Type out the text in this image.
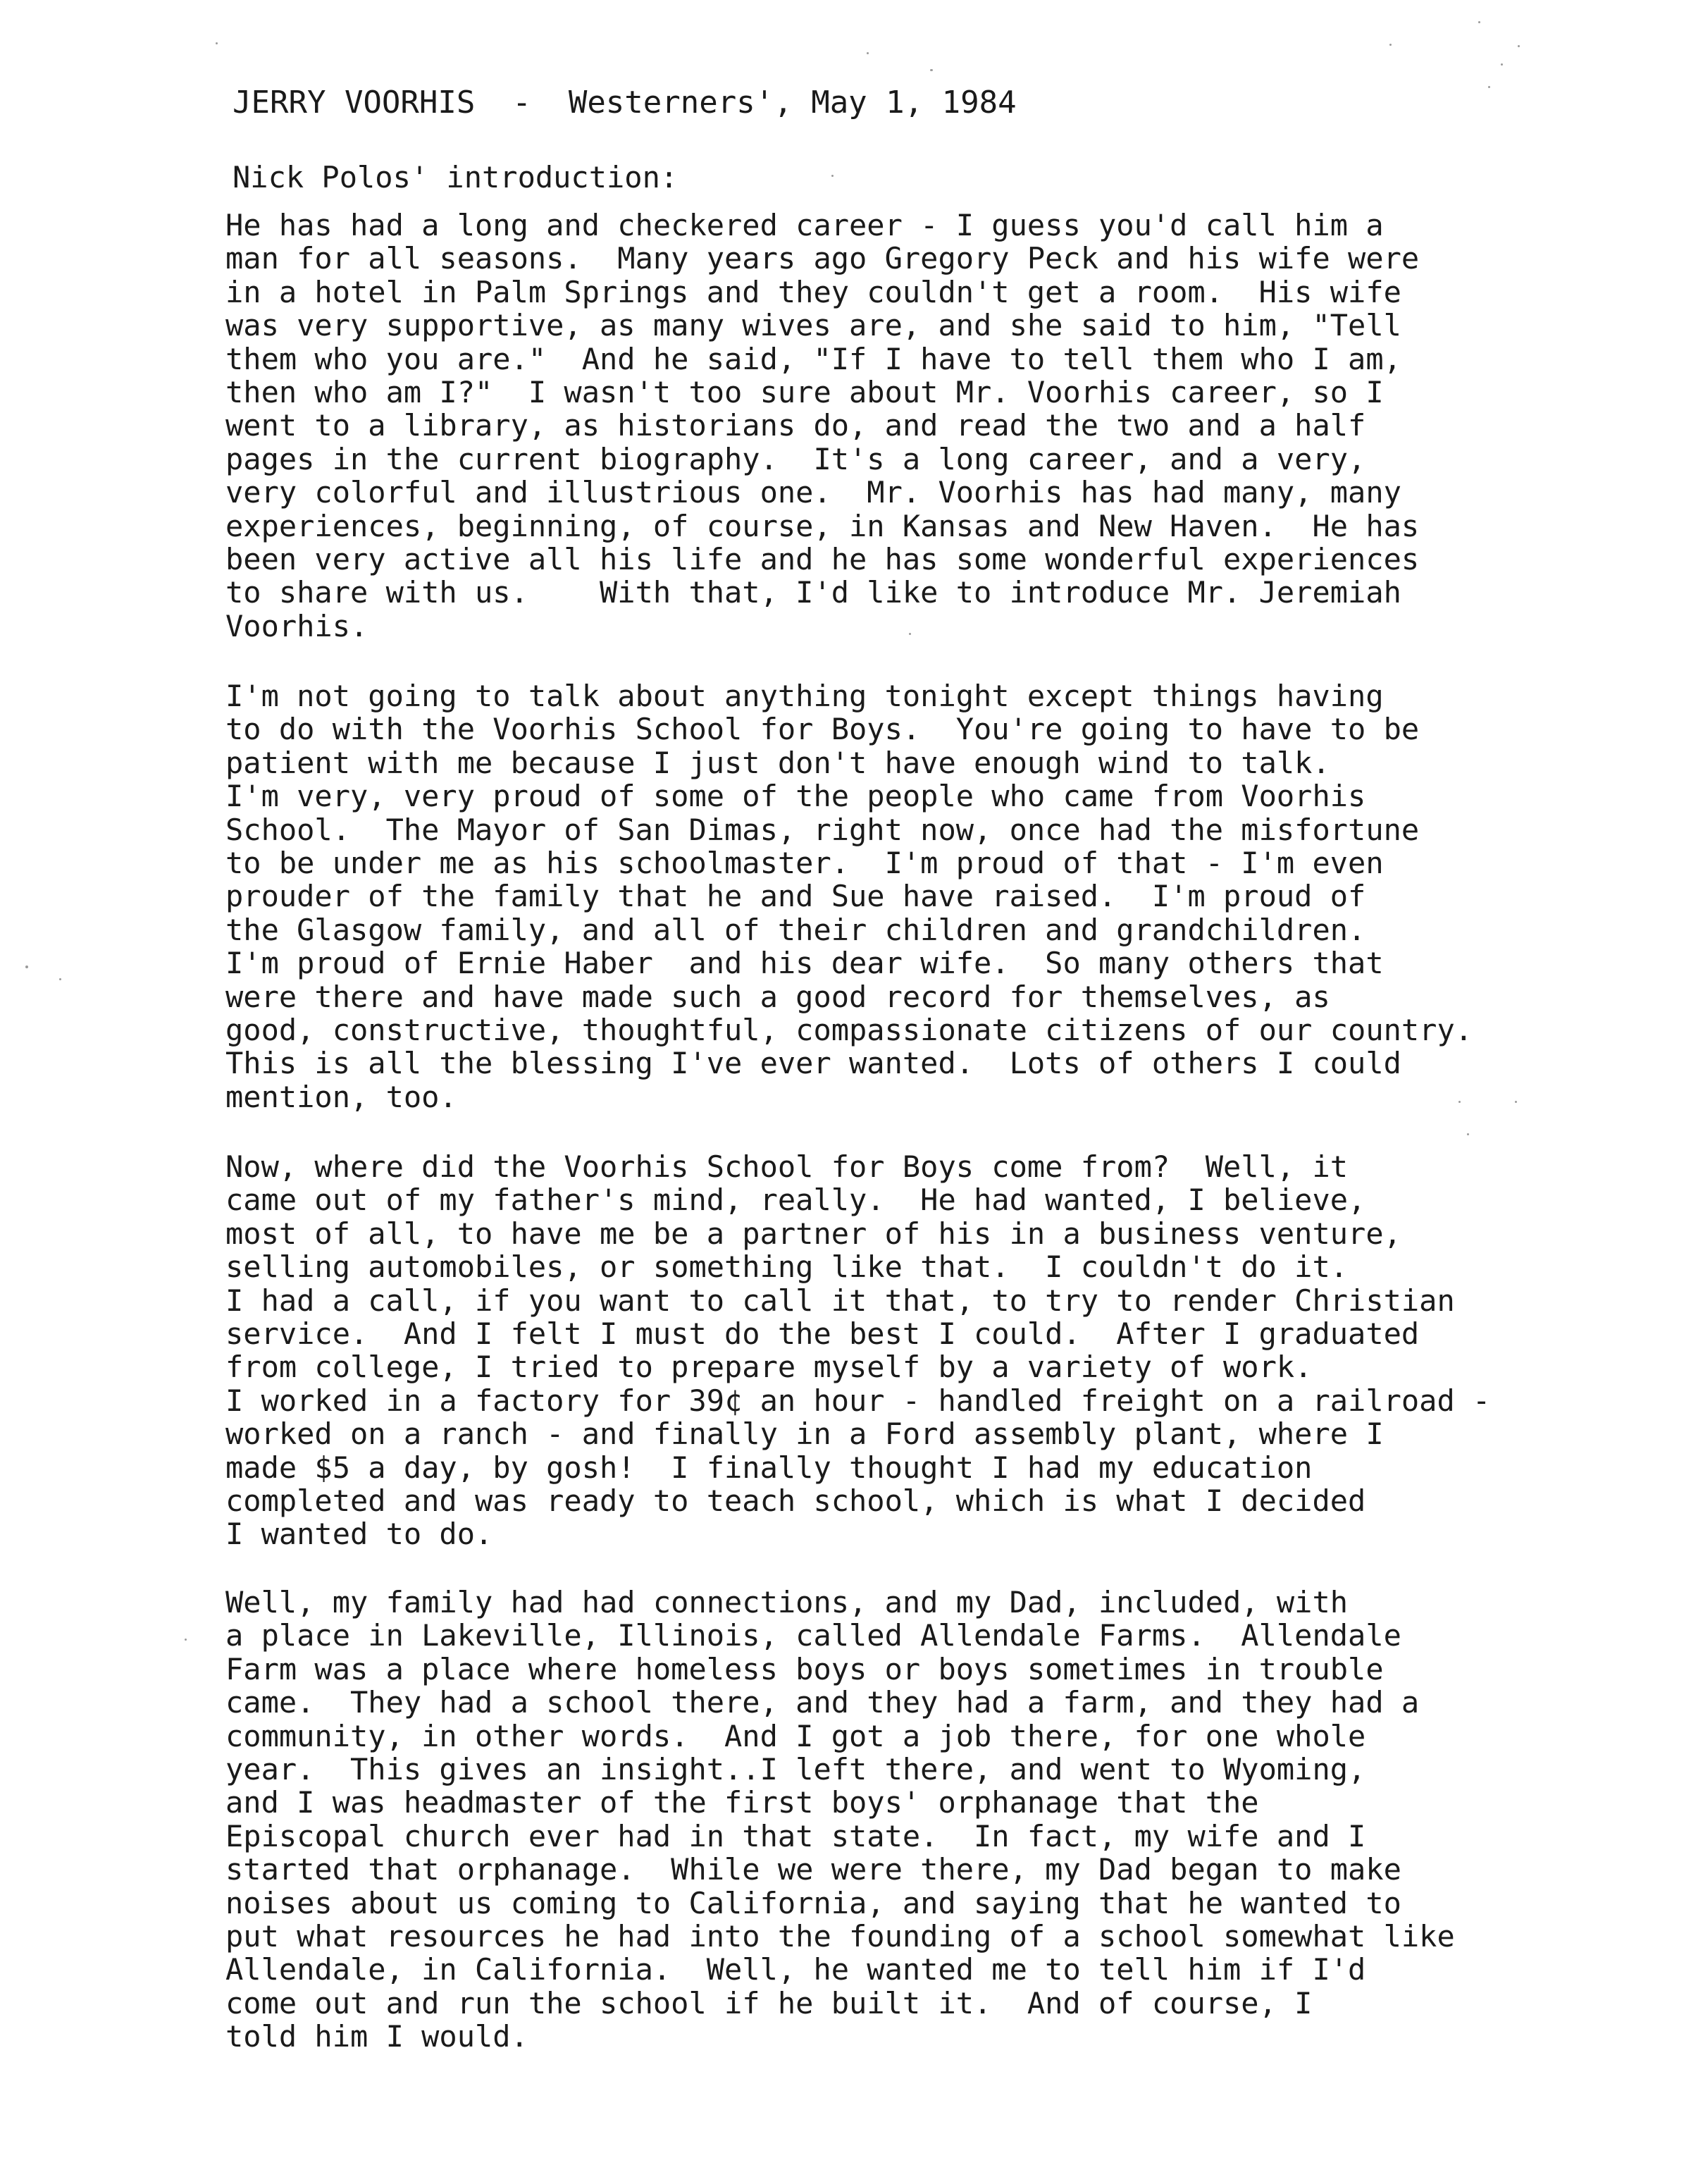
JERRY VOORHIS  -  Westerners', May 1, 1984
Nick Polos' introduction:
He has had a long and checkered career - I guess you'd call him a
man for all seasons.  Many years ago Gregory Peck and his wife were
in a hotel in Palm Springs and they couldn't get a room.  His wife
was very supportive, as many wives are, and she said to him, "Tell
them who you are."  And he said, "If I have to tell them who I am,
then who am I?"  I wasn't too sure about Mr. Voorhis career, so I
went to a library, as historians do, and read the two and a half
pages in the current biography.  It's a long career, and a very,
very colorful and illustrious one.  Mr. Voorhis has had many, many
experiences, beginning, of course, in Kansas and New Haven.  He has
been very active all his life and he has some wonderful experiences
to share with us.    With that, I'd like to introduce Mr. Jeremiah
Voorhis.
I'm not going to talk about anything tonight except things having
to do with the Voorhis School for Boys.  You're going to have to be
patient with me because I just don't have enough wind to talk.
I'm very, very proud of some of the people who came from Voorhis
School.  The Mayor of San Dimas, right now, once had the misfortune
to be under me as his schoolmaster.  I'm proud of that - I'm even
prouder of the family that he and Sue have raised.  I'm proud of
the Glasgow family, and all of their children and grandchildren.
I'm proud of Ernie Haber  and his dear wife.  So many others that
were there and have made such a good record for themselves, as
good, constructive, thoughtful, compassionate citizens of our country.
This is all the blessing I've ever wanted.  Lots of others I could
mention, too.
Now, where did the Voorhis School for Boys come from?  Well, it
came out of my father's mind, really.  He had wanted, I believe,
most of all, to have me be a partner of his in a business venture,
selling automobiles, or something like that.  I couldn't do it.
I had a call, if you want to call it that, to try to render Christian
service.  And I felt I must do the best I could.  After I graduated
from college, I tried to prepare myself by a variety of work.
I worked in a factory for 39¢ an hour - handled freight on a railroad -
worked on a ranch - and finally in a Ford assembly plant, where I
made $5 a day, by gosh!  I finally thought I had my education
completed and was ready to teach school, which is what I decided
I wanted to do.
Well, my family had had connections, and my Dad, included, with
a place in Lakeville, Illinois, called Allendale Farms.  Allendale
Farm was a place where homeless boys or boys sometimes in trouble
came.  They had a school there, and they had a farm, and they had a
community, in other words.  And I got a job there, for one whole
year.  This gives an insight..I left there, and went to Wyoming,
and I was headmaster of the first boys' orphanage that the
Episcopal church ever had in that state.  In fact, my wife and I
started that orphanage.  While we were there, my Dad began to make
noises about us coming to California, and saying that he wanted to
put what resources he had into the founding of a school somewhat like
Allendale, in California.  Well, he wanted me to tell him if I'd
come out and run the school if he built it.  And of course, I
told him I would.
